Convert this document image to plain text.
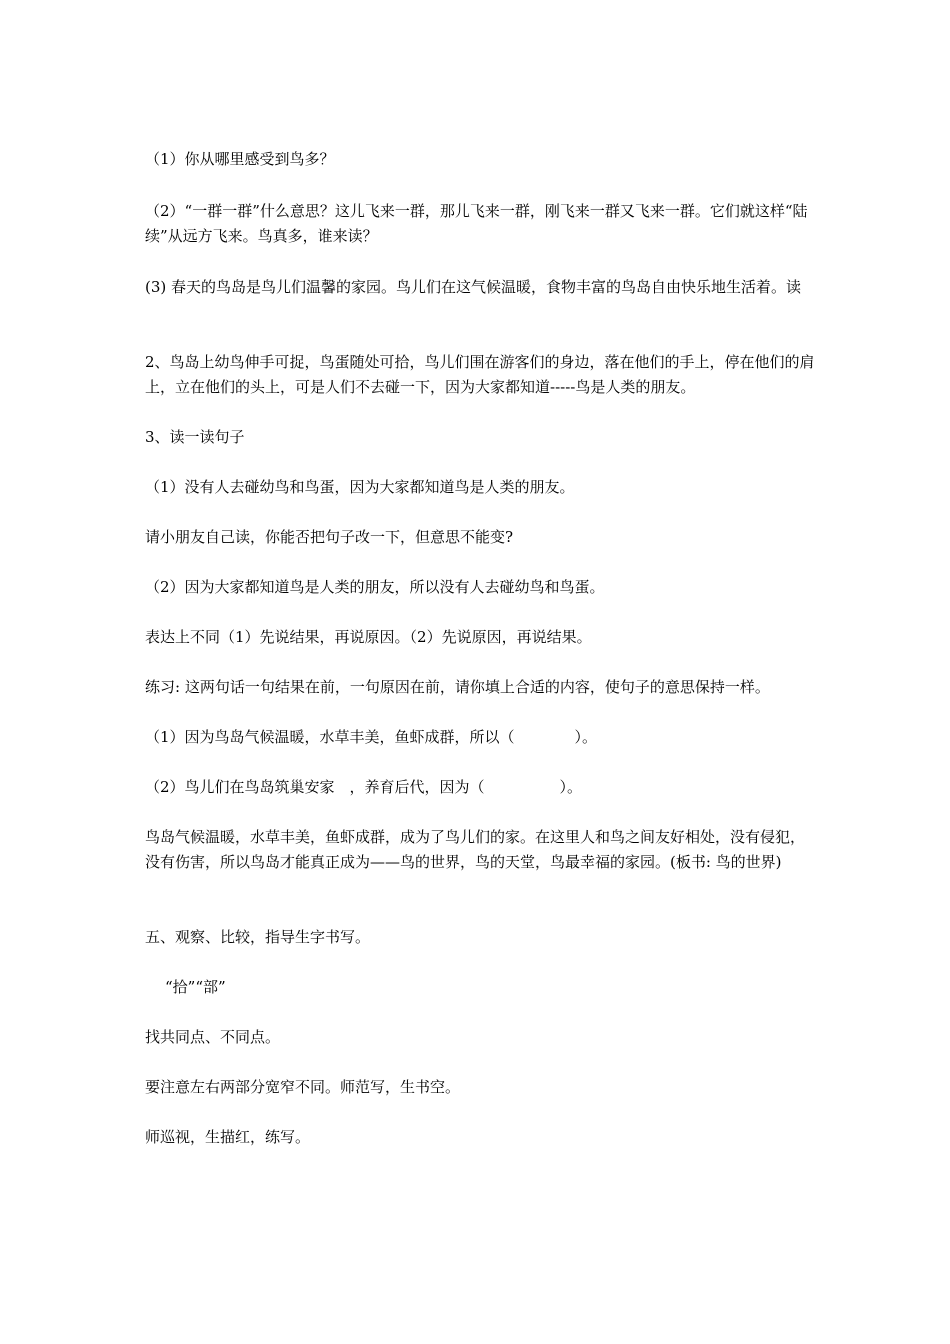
（1）你从哪里感受到鸟多？

（2）“一群一群”什么意思？这儿飞来一群，那儿飞来一群，刚飞来一群又飞来一群。它们就这样“陆续”从远方飞来。鸟真多，谁来读？

(3) 春天的鸟岛是鸟儿们温馨的家园。鸟儿们在这气候温暖，食物丰富的鸟岛自由快乐地生活着。读

2、鸟岛上幼鸟伸手可捉，鸟蛋随处可拾，鸟儿们围在游客们的身边，落在他们的手上，停在他们的肩上，立在他们的头上，可是人们不去碰一下，因为大家都知道-----鸟是人类的朋友。

3、读一读句子

（1）没有人去碰幼鸟和鸟蛋，因为大家都知道鸟是人类的朋友。

请小朋友自己读，你能否把句子改一下，但意思不能变?

（2）因为大家都知道鸟是人类的朋友，所以没有人去碰幼鸟和鸟蛋。

表达上不同（1）先说结果，再说原因。（2）先说原因，再说结果。

练习: 这两句话一句结果在前，一句原因在前，请你填上合适的内容，使句子的意思保持一样。

（1）因为鸟岛气候温暖，水草丰美，鱼虾成群，所以（　　　　）。

（2）鸟儿们在鸟岛筑巢安家　，养育后代，因为（　　　　　）。

鸟岛气候温暖，水草丰美，鱼虾成群，成为了鸟儿们的家。在这里人和鸟之间友好相处，没有侵犯，没有伤害，所以鸟岛才能真正成为——鸟的世界，鸟的天堂，鸟最幸福的家园。(板书: 鸟的世界)

五、观察、比较，指导生字书写。

“拾”“部”

找共同点、不同点。

要注意左右两部分宽窄不同。师范写，生书空。

师巡视，生描红，练写。
